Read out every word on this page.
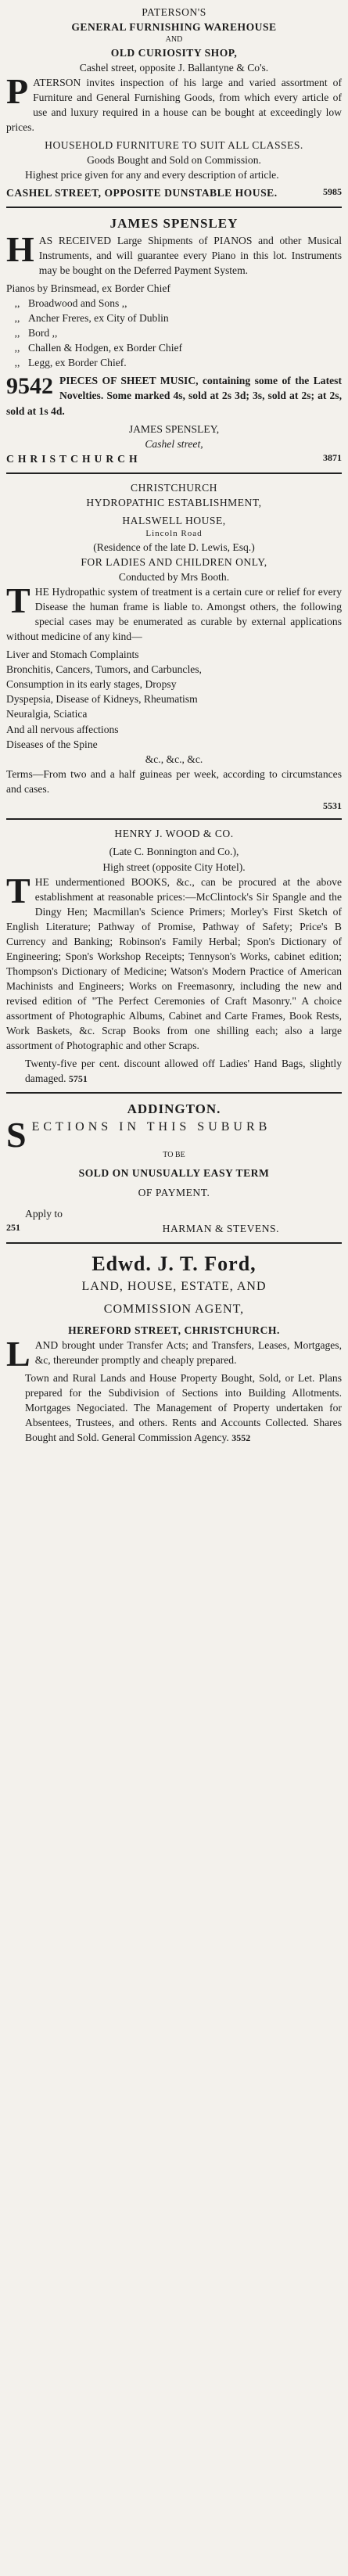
PATERSON'S
GENERAL FURNISHING WAREHOUSE
AND
OLD CURIOSITY SHOP,
Cashel street, opposite J. Ballantyne & Co's.

PATERSON invites inspection of his large and varied assortment of Furniture and General Furnishing Goods, from which every article of use and luxury required in a house can be bought at exceedingly low prices.

HOUSEHOLD FURNITURE TO SUIT ALL CLASSES.
Goods Bought and Sold on Commission.

Highest price given for any and every description of article.

CASHEL STREET, OPPOSITE DUNSTABLE HOUSE.	5985
JAMES SPENSLEY

HAS RECEIVED Large Shipments of PIANOS and other Musical Instruments, and will guarantee every Piano in this lot. Instruments may be bought on the Deferred Payment System.

Pianos by Brinsmead, ex Border Chief
,, Broadwood and Sons ,,
,, Ancher Freres, ex City of Dublin
,, Bord ,,
,, Challen & Hodgen, ex Border Chief
,, Legg, ex Border Chief.

9542 PIECES OF SHEET MUSIC, containing some of the Latest Novelties. Some marked 4s, sold at 2s 3d; 3s, sold at 2s; at 2s, sold at 1s 4d.

JAMES SPENSLEY,
Cashel street,
CHRISTCHURCH	3871
CHRISTCHURCH
HYDROPATHIC ESTABLISHMENT,
HALSWELL HOUSE,
Lincoln Road
(Residence of the late D. Lewis, Esq.)
FOR LADIES AND CHILDREN ONLY,
Conducted by Mrs Booth.

THE Hydropathic system of treatment is a certain cure or relief for every Disease the human frame is liable to. Amongst others, the following special cases may be enumerated as curable by external applications without medicine of any kind—

Liver and Stomach Complaints
Bronchitis, Cancers, Tumors, and Carbuncles,
Consumption in its early stages, Dropsy
Dyspepsia, Disease of Kidneys, Rheumatism
Neuralgia, Sciatica
And all nervous affections
Diseases of the Spine
&c., &c., &c.

Terms—From two and a half guineas per week, according to circumstances and cases.

5531
HENRY J. WOOD & CO.
(Late C. Bonnington and Co.),
High street (opposite City Hotel).

THE undermentioned BOOKS, &c., can be procured at the above establishment at reasonable prices:—McClintock's Sir Spangle and the Dingy Hen; Macmillan's Science Primers; Morley's First Sketch of English Literature; Pathway of Promise, Pathway of Safety; Price's B Currency and Banking; Robinson's Family Herbal; Spon's Dictionary of Engineering; Spon's Workshop Receipts; Tennyson's Works, cabinet edition; Thompson's Dictionary of Medicine; Watson's Modern Practice of American Machinists and Engineers; Works on Freemasonry, including the new and revised edition of "The Perfect Ceremonies of Craft Masonry." A choice assortment of Photographic Albums, Cabinet and Carte Frames, Book Rests, Work Baskets, &c. Scrap Books from one shilling each; also a large assortment of Photographic and other Scraps.

Twenty-five per cent. discount allowed off Ladies' Hand Bags, slightly damaged. 5751

ADDINGTON.

SECTIONS IN THIS SUBURB

TO BE
SOLD ON UNUSUALLY EASY TERM
OF PAYMENT.
Apply to
251	HARMAN & STEVENS.
Edwd. J. T. Ford,
LAND, HOUSE, ESTATE, AND
COMMISSION AGENT,
HEREFORD STREET, CHRISTCHURCH.

LAND brought under Transfer Acts; and Transfers, Leases, Mortgages, &c, thereunder promptly and cheaply prepared.

Town and Rural Lands and House Property Bought, Sold, or Let. Plans prepared for the Subdivision of Sections into Building Allotments. Mortgages Negociated. The Management of Property undertaken for Absentees, Trustees, and others. Rents and Accounts Collected. Shares Bought and Sold. General Commission Agency. 3552
